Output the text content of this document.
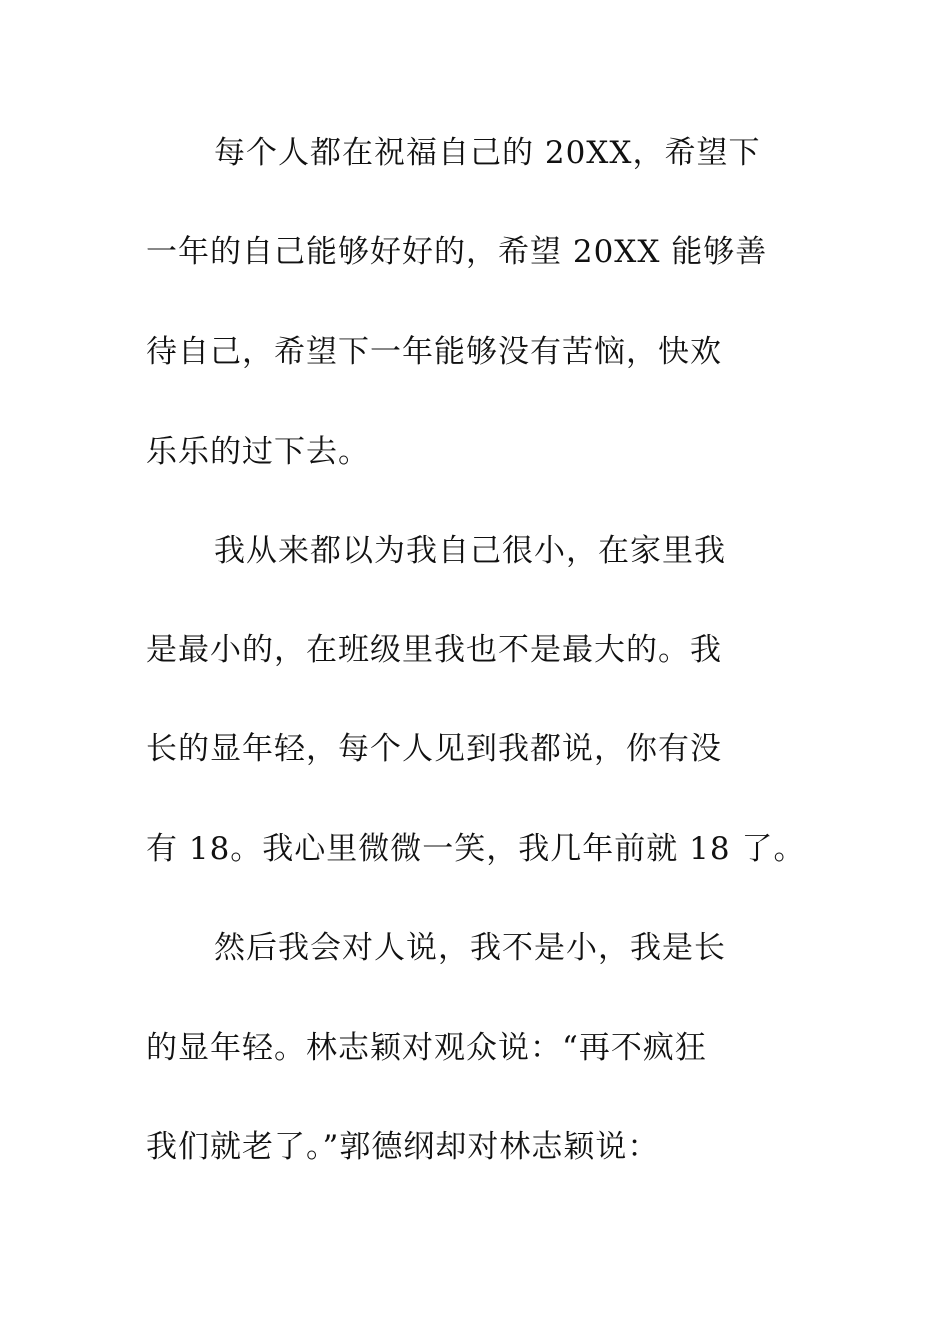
每个人都在祝福自己的 20XX，希望下
一年的自己能够好好的，希望 20XX 能够善
待自己，希望下一年能够没有苦恼，快欢
乐乐的过下去。
我从来都以为我自己很小，在家里我
是最小的，在班级里我也不是最大的。我
长的显年轻，每个人见到我都说，你有没
有 18。我心里微微一笑，我几年前就 18 了。
然后我会对人说，我不是小，我是长
的显年轻。林志颖对观众说：“再不疯狂
我们就老了。”郭德纲却对林志颖说：
